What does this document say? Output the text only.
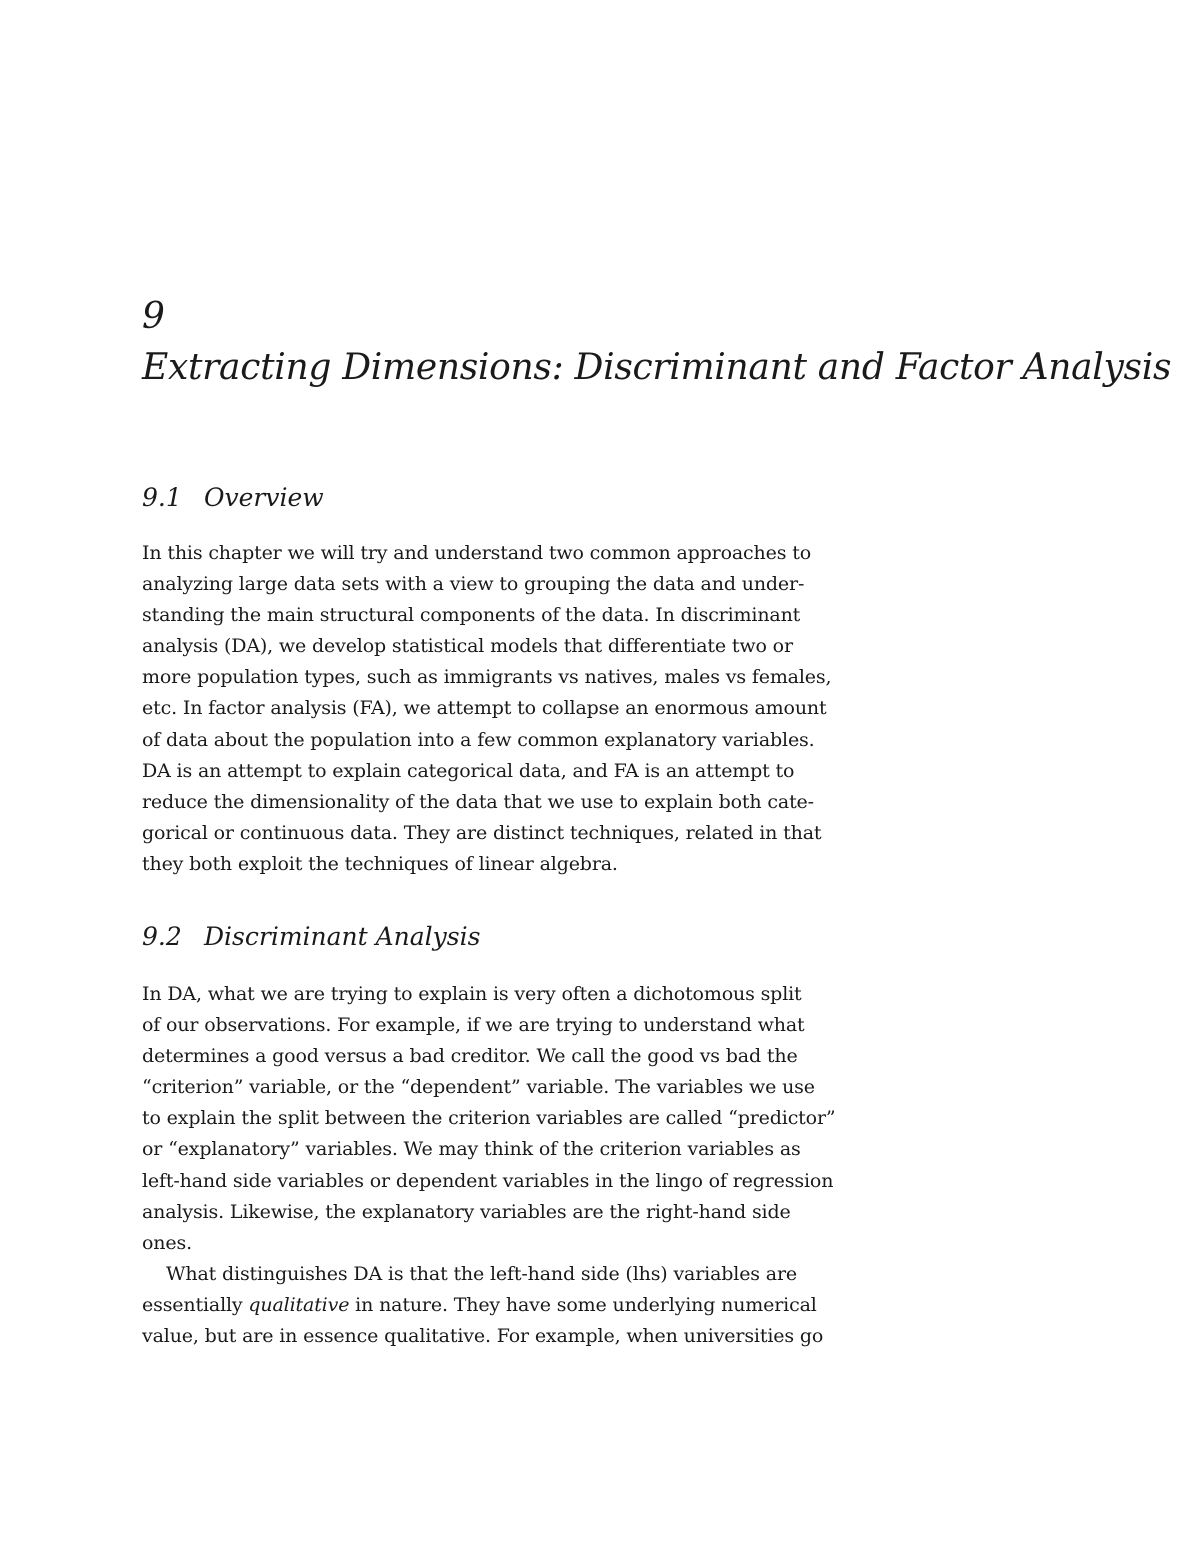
9
Extracting Dimensions: Discriminant and Factor Analysis
9.1 Overview
In this chapter we will try and understand two common approaches to
analyzing large data sets with a view to grouping the data and under-
standing the main structural components of the data. In discriminant
analysis (DA), we develop statistical models that differentiate two or
more population types, such as immigrants vs natives, males vs females,
etc. In factor analysis (FA), we attempt to collapse an enormous amount
of data about the population into a few common explanatory variables.
DA is an attempt to explain categorical data, and FA is an attempt to
reduce the dimensionality of the data that we use to explain both cate-
gorical or continuous data. They are distinct techniques, related in that
they both exploit the techniques of linear algebra.
9.2 Discriminant Analysis
In DA, what we are trying to explain is very often a dichotomous split
of our observations. For example, if we are trying to understand what
determines a good versus a bad creditor. We call the good vs bad the
“criterion” variable, or the “dependent” variable. The variables we use
to explain the split between the criterion variables are called “predictor”
or “explanatory” variables. We may think of the criterion variables as
left-hand side variables or dependent variables in the lingo of regression
analysis. Likewise, the explanatory variables are the right-hand side
ones.
What distinguishes DA is that the left-hand side (lhs) variables are
essentially qualitative in nature. They have some underlying numerical
value, but are in essence qualitative. For example, when universities go
